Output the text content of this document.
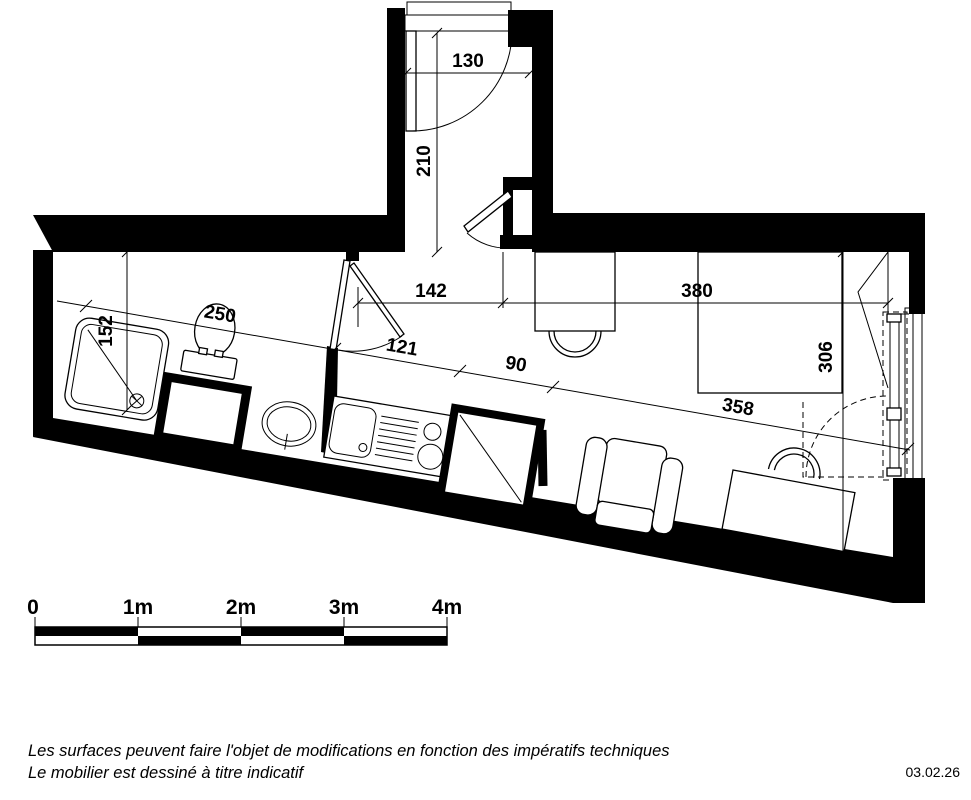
130
210
152
142	380
306
250
121
90
358
0	1m	2m	3m	4m
Les surfaces peuvent faire l'objet de modifications en fonction des impératifs techniques
Le mobilier est dessiné à titre indicatif	03.02.26
